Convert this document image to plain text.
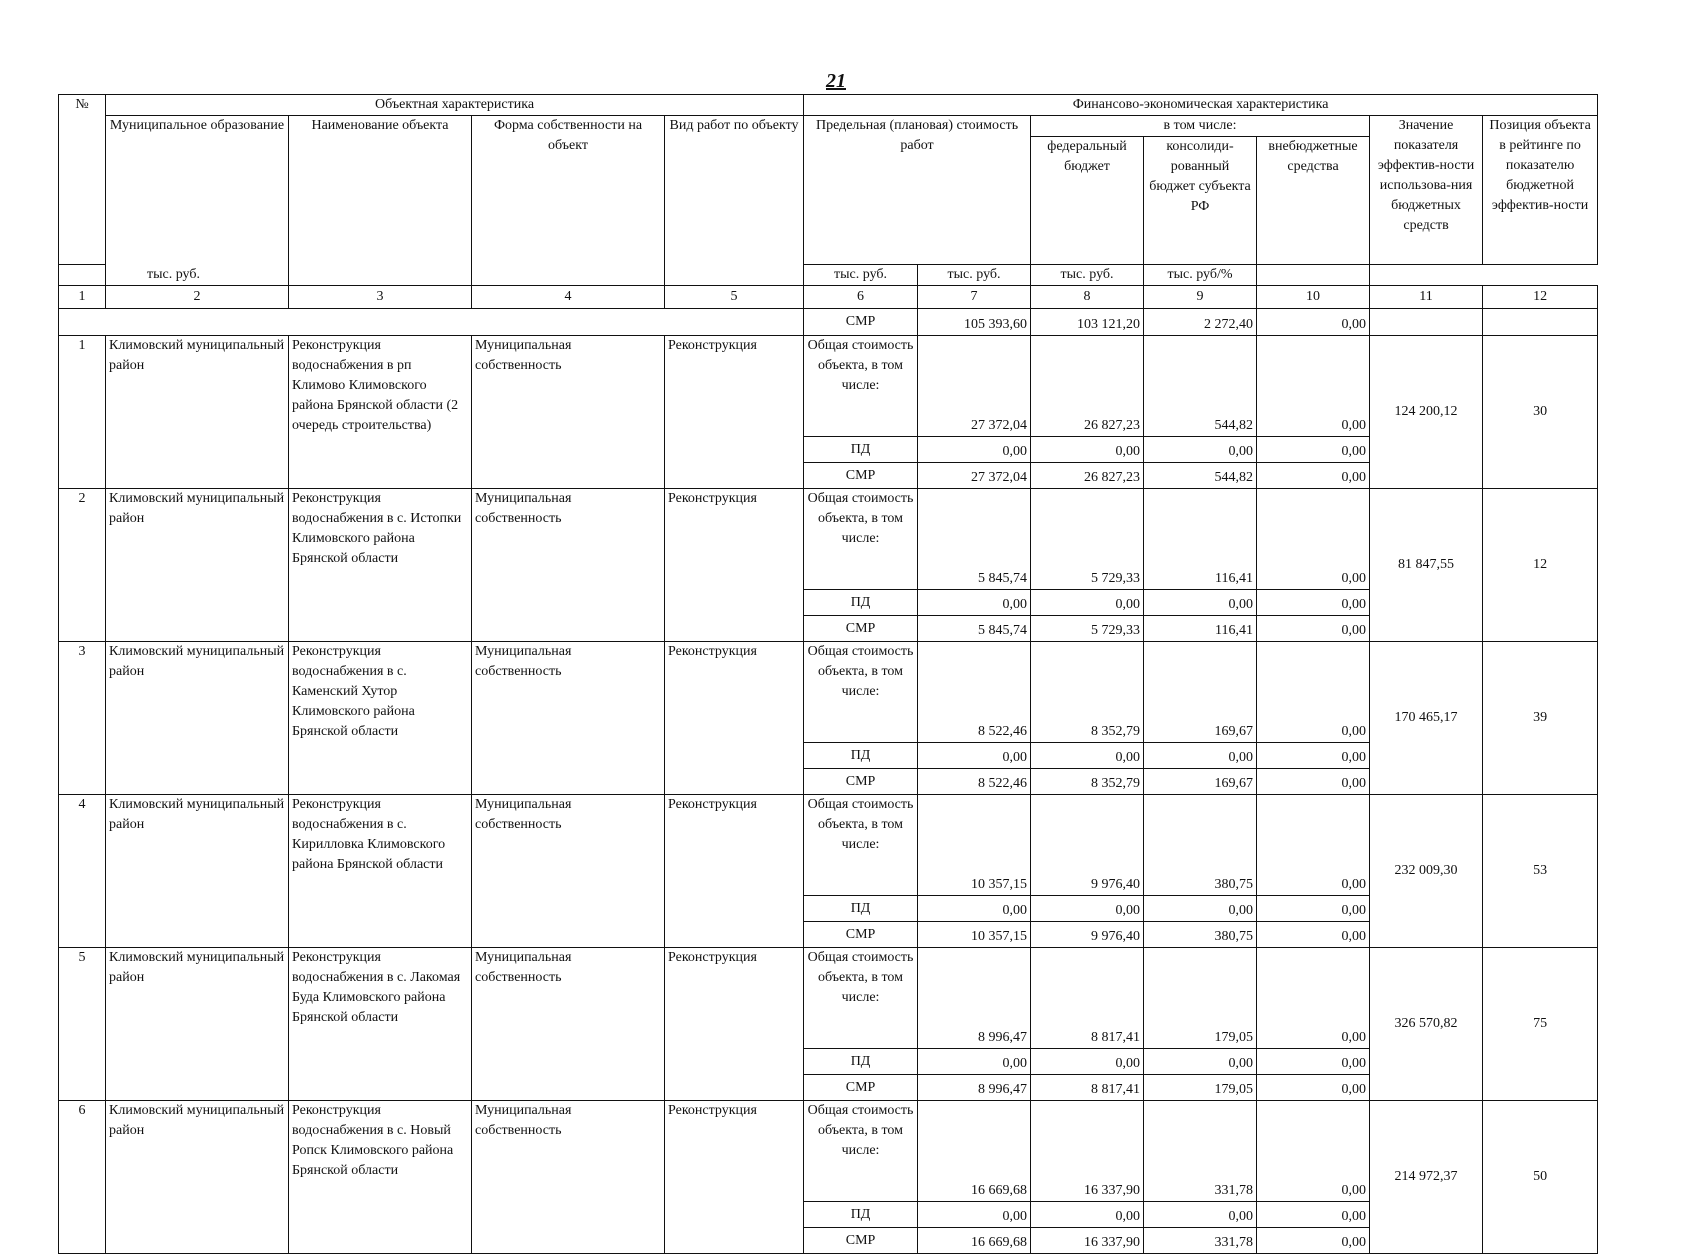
21
№	Объектная характеристика				Финансово-экономическая характеристика						
	Муниципальное образование	Наименование объекта	Форма собственности на объект	Вид работ по объекту	Предельная (плановая) стоимость работ		в том числе:			Значение показателя эффектив-ности использова-ния бюджетных средств	Позиция объекта в рейтинге по показателю бюджетной эффектив-ности
							федеральный бюджет	консолиди-рованный бюджет субъекта РФ	внебюджетные средства		
тыс. руб.					тыс. руб.	тыс. руб.	тыс. руб.	тыс. руб/%			
1	2	3	4	5	6	7	8	9	10	11	12
					СМР	105 393,60	103 121,20	2 272,40	0,00		
1	Климовский муниципальный район	Реконструкция водоснабжения в рп Климово Климовского района Брянской области (2 очередь строительства)	Муниципальная собственность	Реконструкция	Общая стоимость объекта, в том числе:	27 372,04	26 827,23	544,82	0,00	124 200,12	30
					ПД	0,00	0,00	0,00	0,00		
					СМР	27 372,04	26 827,23	544,82	0,00		
2	Климовский муниципальный район	Реконструкция водоснабжения в с. Истопки Климовского района Брянской области	Муниципальная собственность	Реконструкция	Общая стоимость объекта, в том числе:	5 845,74	5 729,33	116,41	0,00	81 847,55	12
					ПД	0,00	0,00	0,00	0,00		
					СМР	5 845,74	5 729,33	116,41	0,00		
3	Климовский муниципальный район	Реконструкция водоснабжения в с. Каменский Хутор Климовского района Брянской области	Муниципальная собственность	Реконструкция	Общая стоимость объекта, в том числе:	8 522,46	8 352,79	169,67	0,00	170 465,17	39
					ПД	0,00	0,00	0,00	0,00		
					СМР	8 522,46	8 352,79	169,67	0,00		
4	Климовский муниципальный район	Реконструкция водоснабжения в с. Кирилловка Климовского района Брянской области	Муниципальная собственность	Реконструкция	Общая стоимость объекта, в том числе:	10 357,15	9 976,40	380,75	0,00	232 009,30	53
					ПД	0,00	0,00	0,00	0,00		
					СМР	10 357,15	9 976,40	380,75	0,00		
5	Климовский муниципальный район	Реконструкция водоснабжения в с. Лакомая Буда Климовского района Брянской области	Муниципальная собственность	Реконструкция	Общая стоимость объекта, в том числе:	8 996,47	8 817,41	179,05	0,00	326 570,82	75
					ПД	0,00	0,00	0,00	0,00		
					СМР	8 996,47	8 817,41	179,05	0,00		
6	Климовский муниципальный район	Реконструкция водоснабжения в с. Новый Ропск Климовского района Брянской области	Муниципальная собственность	Реконструкция	Общая стоимость объекта, в том числе:	16 669,68	16 337,90	331,78	0,00	214 972,37	50
					ПД	0,00	0,00	0,00	0,00		
					СМР	16 669,68	16 337,90	331,78	0,00		
